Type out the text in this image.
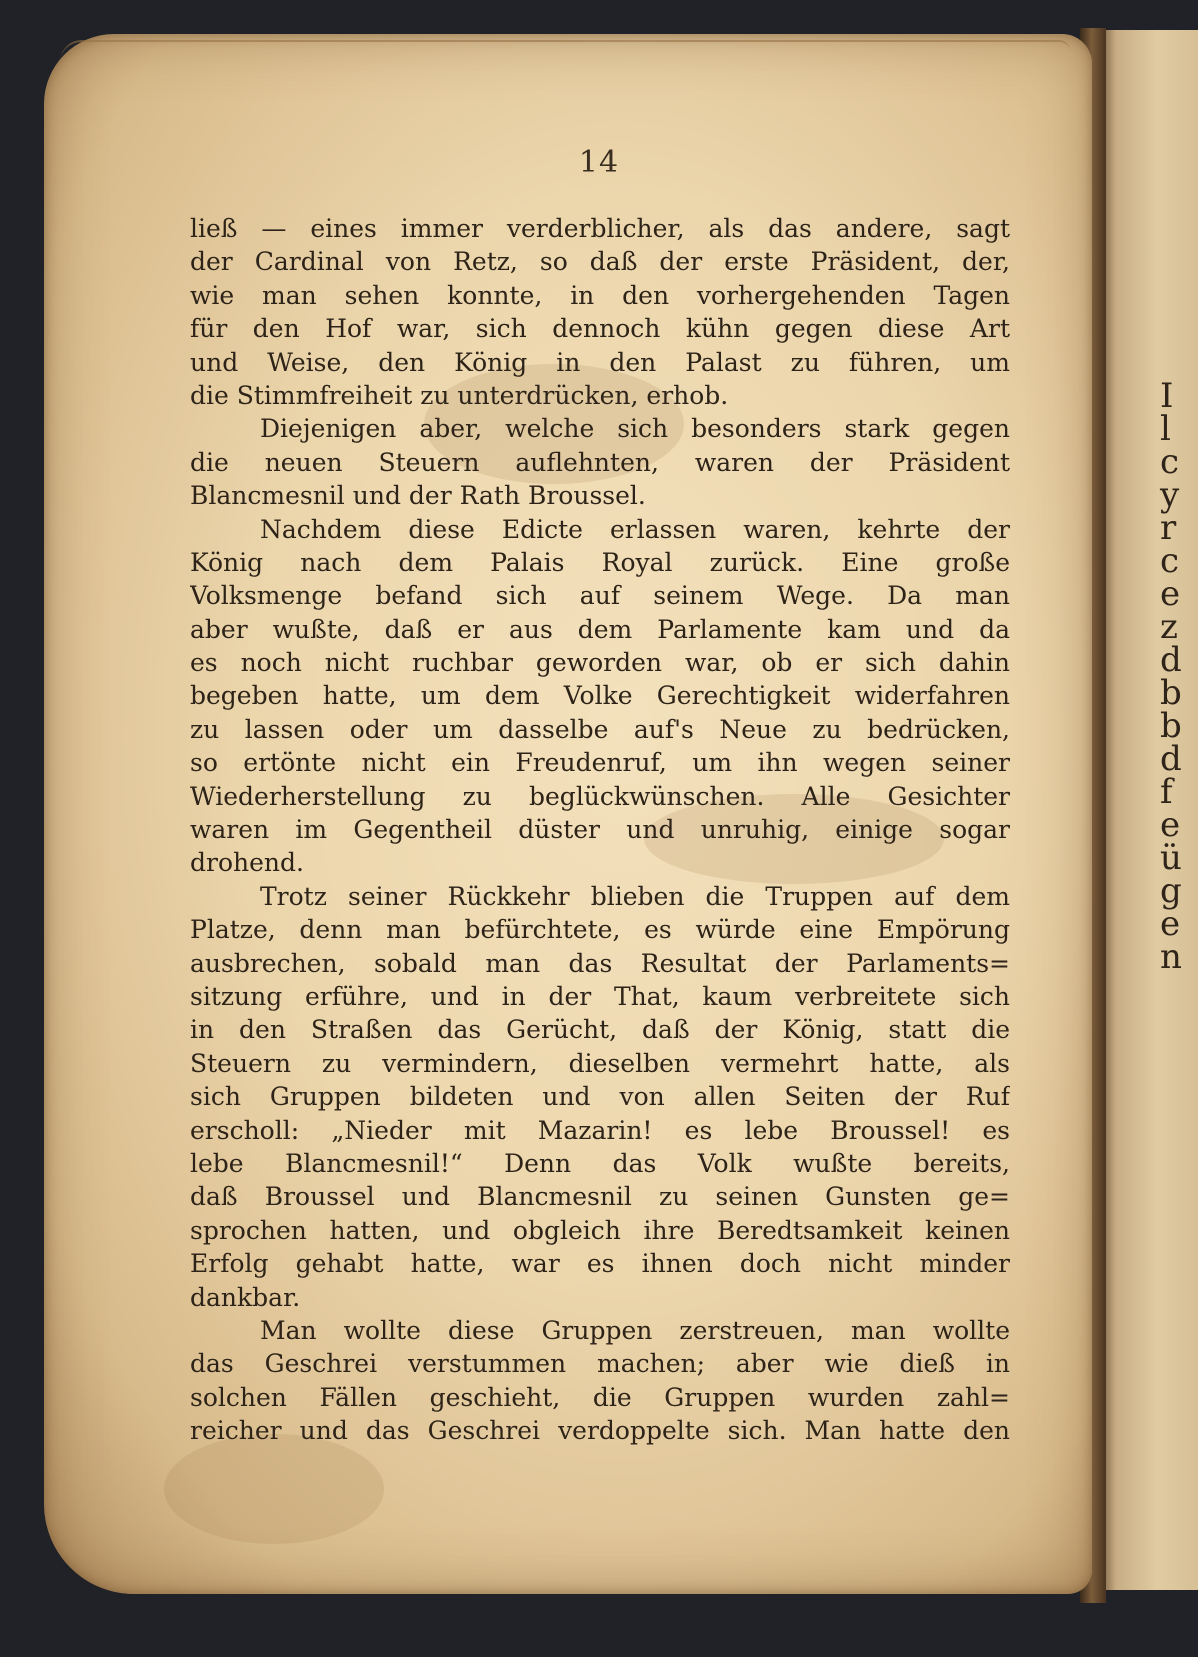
I
l
c
y
r
c
e
z
d
b
b
d
f
e
ü
g
e
n
14
ließ — eines immer verderblicher, als das andere, sagt
der Cardinal von Retz, so daß der erste Präsident, der,
wie man sehen konnte, in den vorhergehenden Tagen
für den Hof war, sich dennoch kühn gegen diese Art
und Weise, den König in den Palast zu führen, um
die Stimmfreiheit zu unterdrücken, erhob.
Diejenigen aber, welche sich besonders stark gegen
die neuen Steuern auflehnten, waren der Präsident
Blancmesnil und der Rath Broussel.
Nachdem diese Edicte erlassen waren, kehrte der
König nach dem Palais Royal zurück. Eine große
Volksmenge befand sich auf seinem Wege. Da man
aber wußte, daß er aus dem Parlamente kam und da
es noch nicht ruchbar geworden war, ob er sich dahin
begeben hatte, um dem Volke Gerechtigkeit widerfahren
zu lassen oder um dasselbe auf's Neue zu bedrücken,
so ertönte nicht ein Freudenruf, um ihn wegen seiner
Wiederherstellung zu beglückwünschen. Alle Gesichter
waren im Gegentheil düster und unruhig, einige sogar
drohend.
Trotz seiner Rückkehr blieben die Truppen auf dem
Platze, denn man befürchtete, es würde eine Empörung
ausbrechen, sobald man das Resultat der Parlaments=
sitzung erführe, und in der That, kaum verbreitete sich
in den Straßen das Gerücht, daß der König, statt die
Steuern zu vermindern, dieselben vermehrt hatte, als
sich Gruppen bildeten und von allen Seiten der Ruf
erscholl: „Nieder mit Mazarin! es lebe Broussel! es
lebe Blancmesnil!“ Denn das Volk wußte bereits,
daß Broussel und Blancmesnil zu seinen Gunsten ge=
sprochen hatten, und obgleich ihre Beredtsamkeit keinen
Erfolg gehabt hatte, war es ihnen doch nicht minder
dankbar.
Man wollte diese Gruppen zerstreuen, man wollte
das Geschrei verstummen machen; aber wie dieß in
solchen Fällen geschieht, die Gruppen wurden zahl=
reicher und das Geschrei verdoppelte sich. Man hatte den
